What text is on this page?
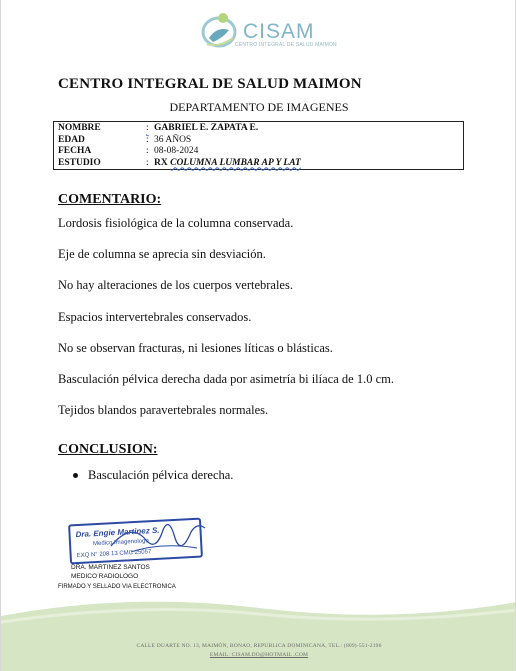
CISAM
CENTRO INTEGRAL DE SALUD MAIMON
CENTRO INTEGRAL DE SALUD MAIMON
DEPARTAMENTO DE IMAGENES
NOMBRE	: GABRIEL E. ZAPATA E.
EDAD	: 36 AÑOS
FECHA	: 08-08-2024
ESTUDIO	: RX COLUMNA LUMBAR AP Y LAT
COMENTARIO:
Lordosis fisiológica de la columna conservada.
Eje de columna se aprecia sin desviación.
No hay alteraciones de los cuerpos vertebrales.
Espacios intervertebrales conservados.
No se observan fracturas, ni lesiones líticas o blásticas.
Basculación pélvica derecha dada por asimetría bi ilíaca de 1.0 cm.
Tejidos blandos paravertebrales normales.
CONCLUSION:
Basculación pélvica derecha.
Dra. Engie Martinez S.
Medico Imagenologo
EXQ N° 208 13 CMC 25057
DRA. MARTINEZ SANTOS
MEDICO RADIOLOGO
FIRMADO Y SELLADO VIA ELECTRONICA
CALLE DUARTE NO. 13, MAIMÓN, BONAO, REPUBLICA DOMINICANA, TEL.: (809)-551-2196
EMAIL: CISAM.DO@HOTMAIL .COM
